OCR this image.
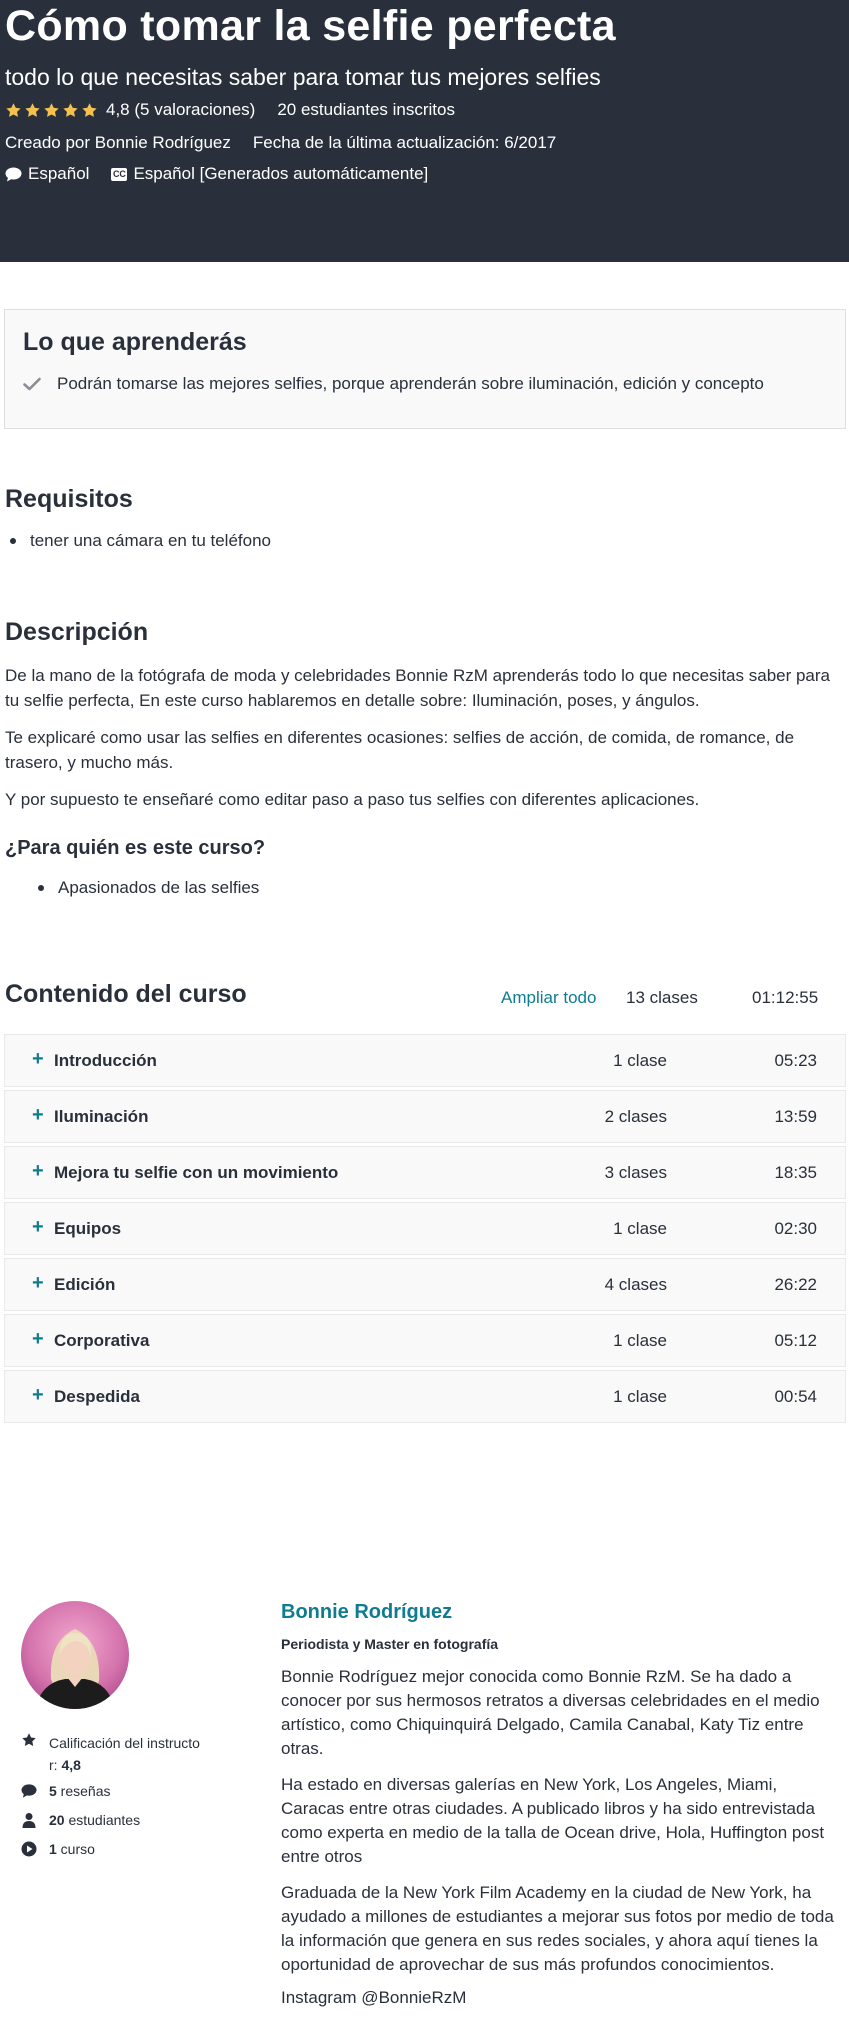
Cómo tomar la selfie perfecta
todo lo que necesitas saber para tomar tus mejores selfies
4,8
(5 valoraciones) 20 estudiantes inscritos
Creado por Bonnie Rodríguez Fecha de la última actualización: 6/2017
Español	CC Español [Generados automáticamente]
Lo que aprenderás
Podrán tomarse las mejores selfies, porque aprenderán sobre iluminación, edición y concepto
Requisitos
tener una cámara en tu teléfono
Descripción

De la mano de la fotógrafa de moda y celebridades Bonnie RzM aprenderás todo lo que necesitas saber para tu selfie perfecta, En este curso hablaremos en detalle sobre: Iluminación, poses, y ángulos.

Te explicaré como usar las selfies en diferentes ocasiones: selfies de acción, de comida, de romance, de trasero, y mucho más.

Y por supuesto te enseñaré como editar paso a paso tus selfies con diferentes aplicaciones.

¿Para quién es este curso?
Apasionados de las selfies
Contenido del curso	Ampliar todo 13 clases	01:12:55
+ Introducción	1 clase	05:23
+ Iluminación	2 clases	13:59
+ Mejora tu selfie con un movimiento	3 clases	18:35
+ Equipos	1 clase	02:30
+ Edición	4 clases	26:22
+ Corporativa	1 clase	05:12
+ Despedida	1 clase	00:54
Calificación del instructo
r: 4,8
5 reseñas
20 estudiantes
1 curso
Bonnie Rodríguez
Periodista y Master en fotografía

Bonnie Rodríguez mejor conocida como Bonnie RzM. Se ha dado a conocer por sus hermosos retratos a diversas celebridades en el medio artístico, como Chiquinquirá Delgado, Camila Canabal, Katy Tiz entre otras.

Ha estado en diversas galerías en New York, Los Angeles, Miami, Caracas entre otras ciudades. A publicado libros y ha sido entrevistada como experta en medio de la talla de Ocean drive, Hola, Huffington post entre otros

Graduada de la New York Film Academy en la ciudad de New York, ha ayudado a millones de estudiantes a mejorar sus fotos por medio de toda la información que genera en sus redes sociales, y ahora aquí tienes la oportunidad de aprovechar de sus más profundos conocimientos.

Instagram @BonnieRzM
